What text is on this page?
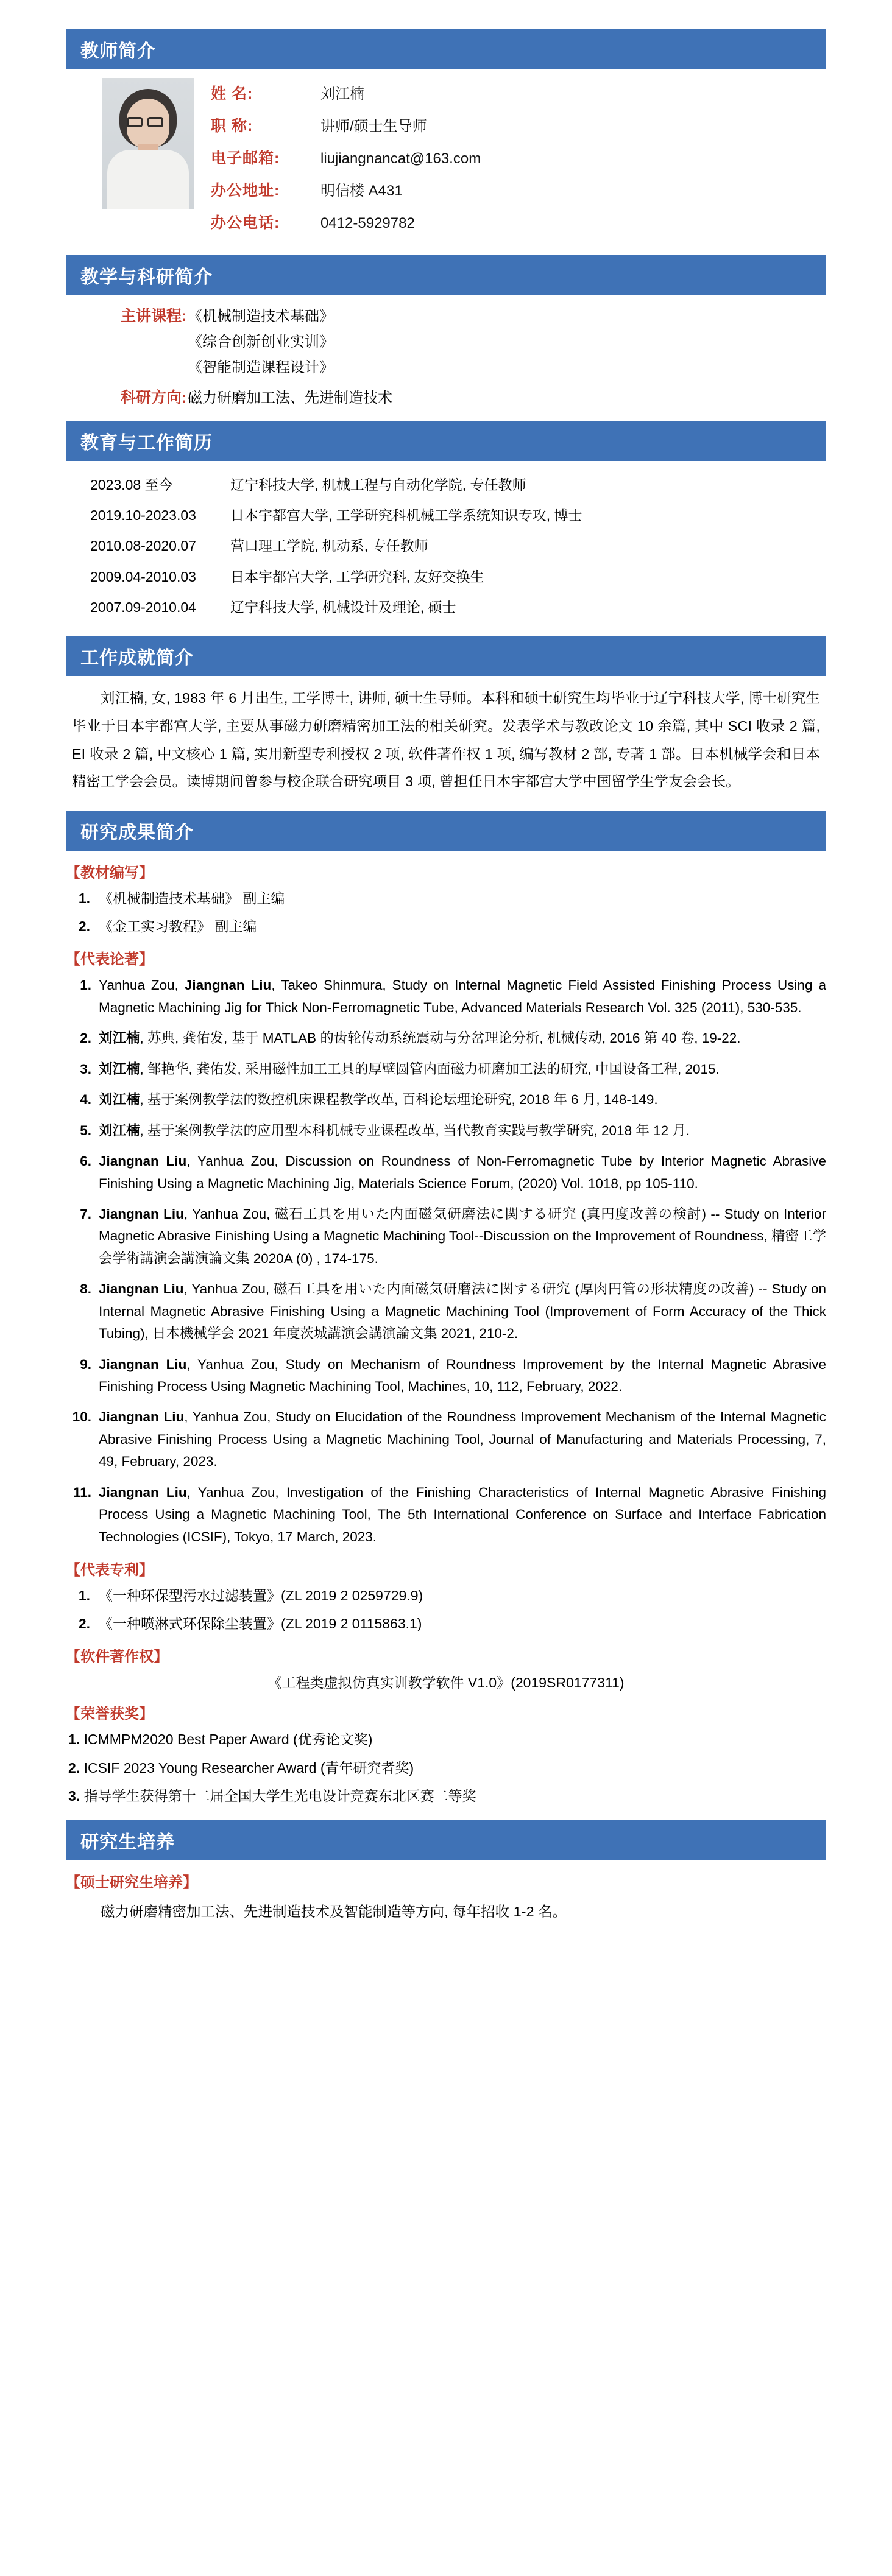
教师简介
姓 名:	刘江楠
职 称:	讲师/硕士生导师
电子邮箱:	liujiangnancat@163.com
办公地址:	明信楼 A431
办公电话:	0412-5929782
教学与科研简介
主讲课程: 《机械制造技术基础》
《综合创新创业实训》
《智能制造课程设计》
科研方向: 磁力研磨加工法、先进制造技术
教育与工作简历
2023.08 至今	辽宁科技大学, 机械工程与自动化学院, 专任教师
2019.10-2023.03	日本宇都宫大学, 工学研究科机械工学系统知识专攻, 博士
2010.08-2020.07	营口理工学院, 机动系, 专任教师
2009.04-2010.03	日本宇都宫大学, 工学研究科, 友好交换生
2007.09-2010.04	辽宁科技大学, 机械设计及理论, 硕士
工作成就简介
刘江楠, 女, 1983 年 6 月出生, 工学博士, 讲师, 硕士生导师。本科和硕士研究生均毕业于辽宁科技大学, 博士研究生毕业于日本宇都宫大学, 主要从事磁力研磨精密加工法的相关研究。发表学术与教改论文 10 余篇, 其中 SCI 收录 2 篇, EI 收录 2 篇, 中文核心 1 篇, 实用新型专利授权 2 项, 软件著作权 1 项, 编写教材 2 部, 专著 1 部。日本机械学会和日本精密工学会会员。读博期间曾参与校企联合研究项目 3 项, 曾担任日本宇都宫大学中国留学生学友会会长。
研究成果简介
【教材编写】
1. 《机械制造技术基础》 副主编
2. 《金工实习教程》 副主编
【代表论著】
1. Yanhua Zou, Jiangnan Liu, Takeo Shinmura, Study on Internal Magnetic Field Assisted Finishing Process Using a Magnetic Machining Jig for Thick Non-Ferromagnetic Tube, Advanced Materials Research Vol. 325 (2011), 530-535.
2. 刘江楠, 苏典, 龚佑发, 基于 MATLAB 的齿轮传动系统震动与分岔理论分析, 机械传动, 2016 第 40 卷, 19-22.
3. 刘江楠, 邹艳华, 龚佑发, 采用磁性加工工具的厚壁圆管内面磁力研磨加工法的研究, 中国设备工程, 2015.
4. 刘江楠, 基于案例教学法的数控机床课程教学改革, 百科论坛理论研究, 2018 年 6 月, 148-149.
5. 刘江楠, 基于案例教学法的应用型本科机械专业课程改革, 当代教育实践与教学研究, 2018 年 12 月.
6. Jiangnan Liu, Yanhua Zou, Discussion on Roundness of Non-Ferromagnetic Tube by Interior Magnetic Abrasive Finishing Using a Magnetic Machining Jig, Materials Science Forum, (2020) Vol. 1018, pp 105-110.
7. Jiangnan Liu, Yanhua Zou, 磁石工具を用いた内面磁気研磨法に関する研究 (真円度改善の検討) -- Study on Interior Magnetic Abrasive Finishing Using a Magnetic Machining Tool--Discussion on the Improvement of Roundness, 精密工学会学術講演会講演論文集 2020A (0) , 174-175.
8. Jiangnan Liu, Yanhua Zou, 磁石工具を用いた内面磁気研磨法に関する研究 (厚肉円管の形状精度の改善) -- Study on Internal Magnetic Abrasive Finishing Using a Magnetic Machining Tool (Improvement of Form Accuracy of the Thick Tubing), 日本機械学会 2021 年度茨城講演会講演論文集 2021, 210-2.
9. Jiangnan Liu, Yanhua Zou, Study on Mechanism of Roundness Improvement by the Internal Magnetic Abrasive Finishing Process Using Magnetic Machining Tool, Machines, 10, 112, February, 2022.
10. Jiangnan Liu, Yanhua Zou, Study on Elucidation of the Roundness Improvement Mechanism of the Internal Magnetic Abrasive Finishing Process Using a Magnetic Machining Tool, Journal of Manufacturing and Materials Processing, 7, 49, February, 2023.
11. Jiangnan Liu, Yanhua Zou, Investigation of the Finishing Characteristics of Internal Magnetic Abrasive Finishing Process Using a Magnetic Machining Tool, The 5th International Conference on Surface and Interface Fabrication Technologies (ICSIF), Tokyo, 17 March, 2023.
【代表专利】
1. 《一种环保型污水过滤装置》(ZL 2019 2 0259729.9)
2. 《一种喷淋式环保除尘装置》(ZL 2019 2 0115863.1)
【软件著作权】
《工程类虚拟仿真实训教学软件 V1.0》(2019SR0177311)
【荣誉获奖】
1. ICMMPM2020 Best Paper Award (优秀论文奖)
2. ICSIF 2023 Young Researcher Award (青年研究者奖)
3. 指导学生获得第十二届全国大学生光电设计竞赛东北区赛二等奖
研究生培养
【硕士研究生培养】
磁力研磨精密加工法、先进制造技术及智能制造等方向, 每年招收 1-2 名。
